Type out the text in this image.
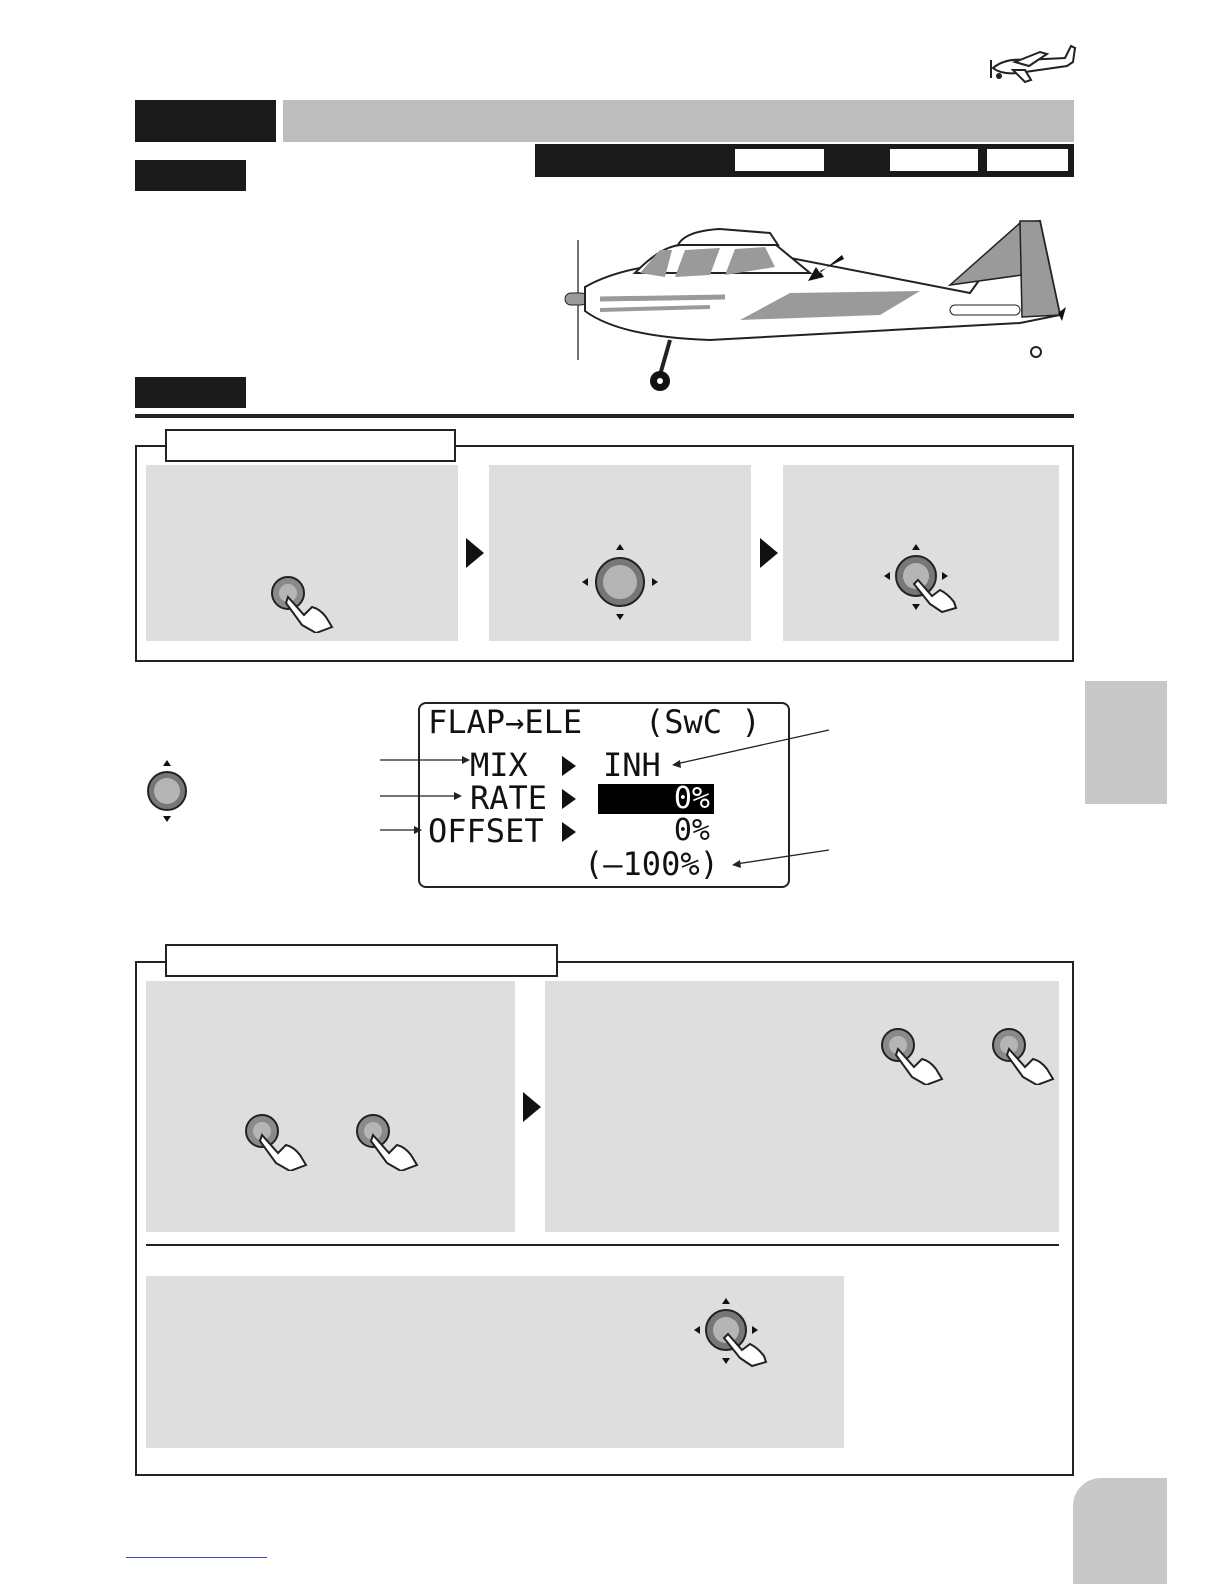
FLAP→ELE (SwC )
MIX INH
RATE	0%
OFFSET	0%
(–100%)
